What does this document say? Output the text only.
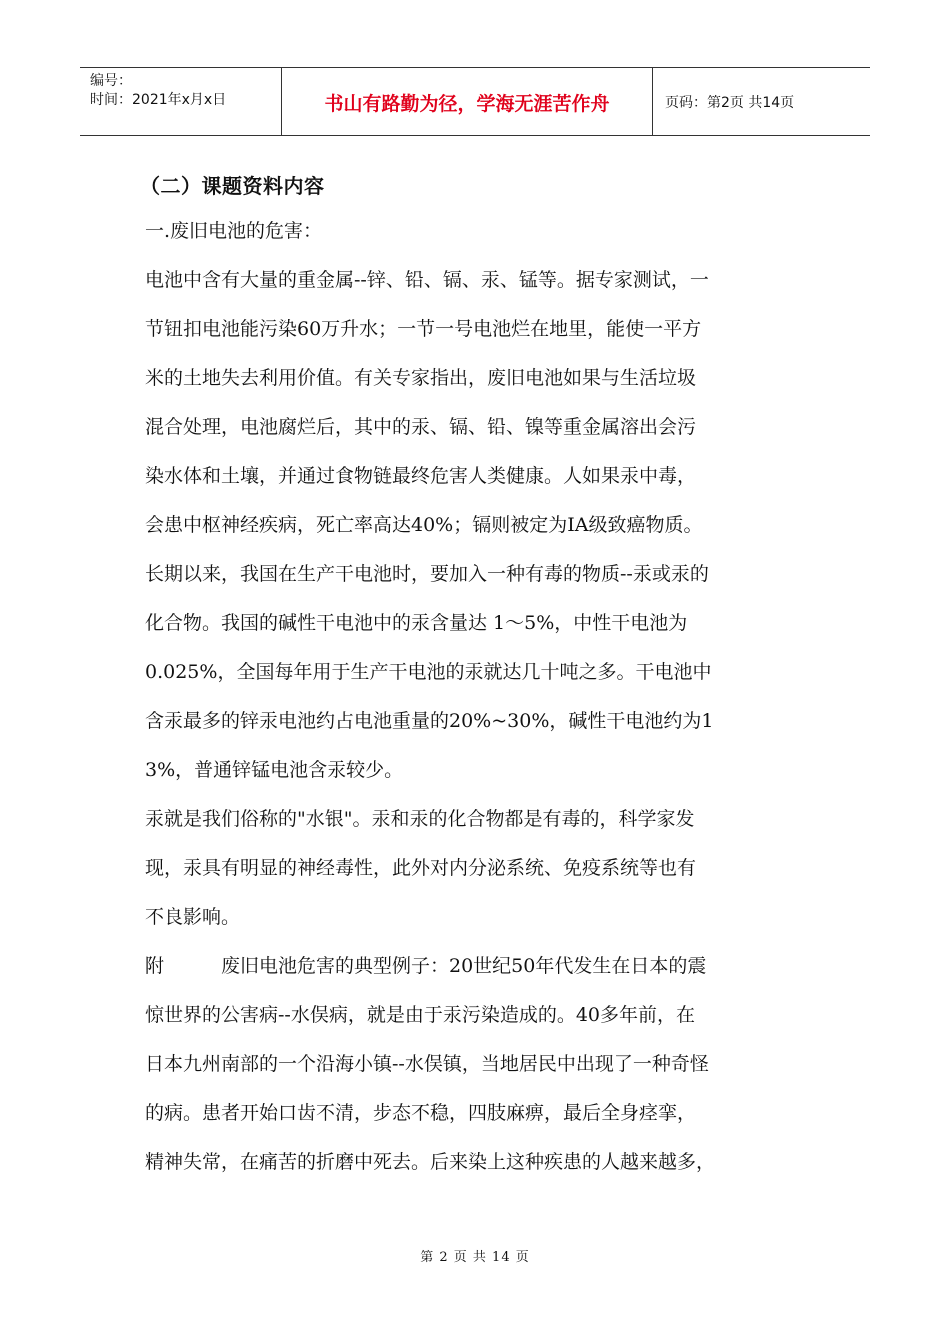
编号：
时间：2021年x月x日	书山有路勤为径，学海无涯苦作舟	页码：第2页 共14页
（二）课题资料内容
一.废旧电池的危害：
电池中含有大量的重金属--锌、铅、镉、汞、锰等。据专家测试，一
节钮扣电池能污染60万升水；一节一号电池烂在地里，能使一平方
米的土地失去利用价值。有关专家指出，废旧电池如果与生活垃圾
混合处理，电池腐烂后，其中的汞、镉、铅、镍等重金属溶出会污
染水体和土壤，并通过食物链最终危害人类健康。人如果汞中毒，
会患中枢神经疾病，死亡率高达40%；镉则被定为IA级致癌物质。
长期以来，我国在生产干电池时，要加入一种有毒的物质--汞或汞的
化合物。我国的碱性干电池中的汞含量达 1～5%，中性干电池为
0.025%，全国每年用于生产干电池的汞就达几十吨之多。干电池中
含汞最多的锌汞电池约占电池重量的20%~30%，碱性干电池约为1
3%，普通锌锰电池含汞较少。
汞就是我们俗称的"水银"。汞和汞的化合物都是有毒的，科学家发
现，汞具有明显的神经毒性，此外对内分泌系统、免疫系统等也有
不良影响。
附　　　废旧电池危害的典型例子：20世纪50年代发生在日本的震
惊世界的公害病--水俣病，就是由于汞污染造成的。40多年前，在
日本九州南部的一个沿海小镇--水俣镇，当地居民中出现了一种奇怪
的病。患者开始口齿不清，步态不稳，四肢麻痹，最后全身痉挛，
精神失常，在痛苦的折磨中死去。后来染上这种疾患的人越来越多，
第 2 页 共 14 页
